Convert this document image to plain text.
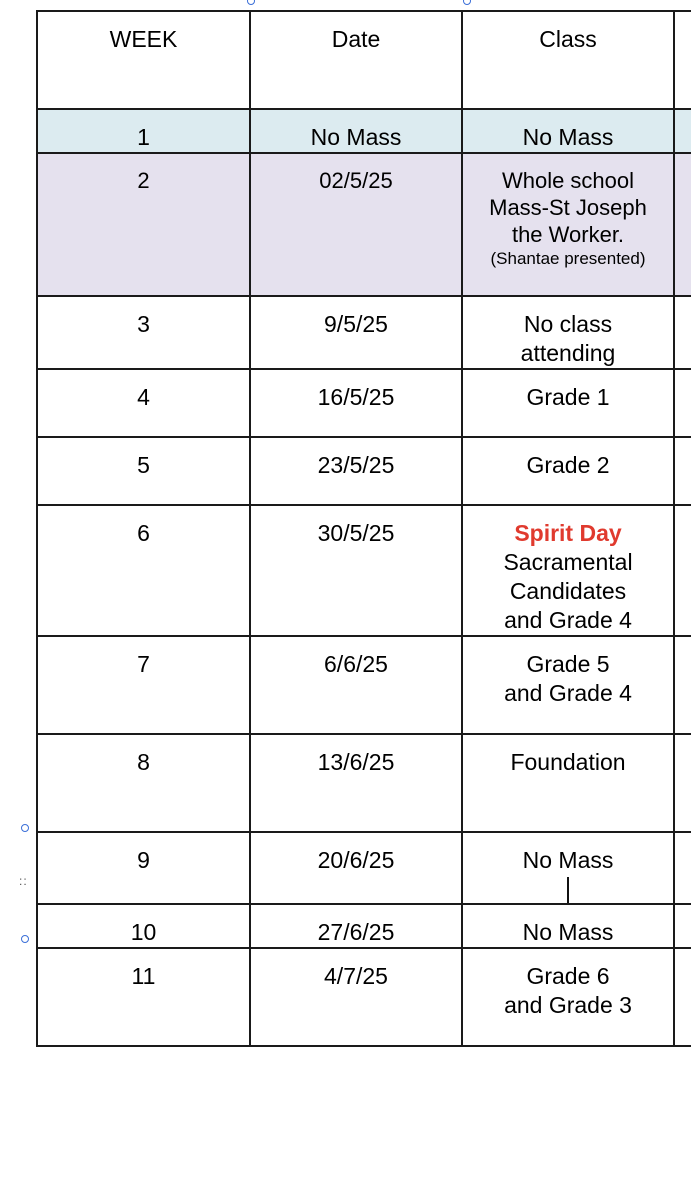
::
WEEK	Date	Class	
1	No Mass	No Mass	

2	02/5/25	Whole school
Mass-St Joseph
the Worker.
(Shantae presented)	

3	9/5/25	No class
attending	

4	16/5/25	Grade 1	

5	23/5/25	Grade 2	

6	30/5/25	Spirit Day
Sacramental
Candidates
and Grade 4	

7	6/6/25	Grade 5
and Grade 4	

8	13/6/25	Foundation	

9	20/6/25	No Mass	

10	27/6/25	No Mass	

11	4/7/25	Grade 6
and Grade 3	
